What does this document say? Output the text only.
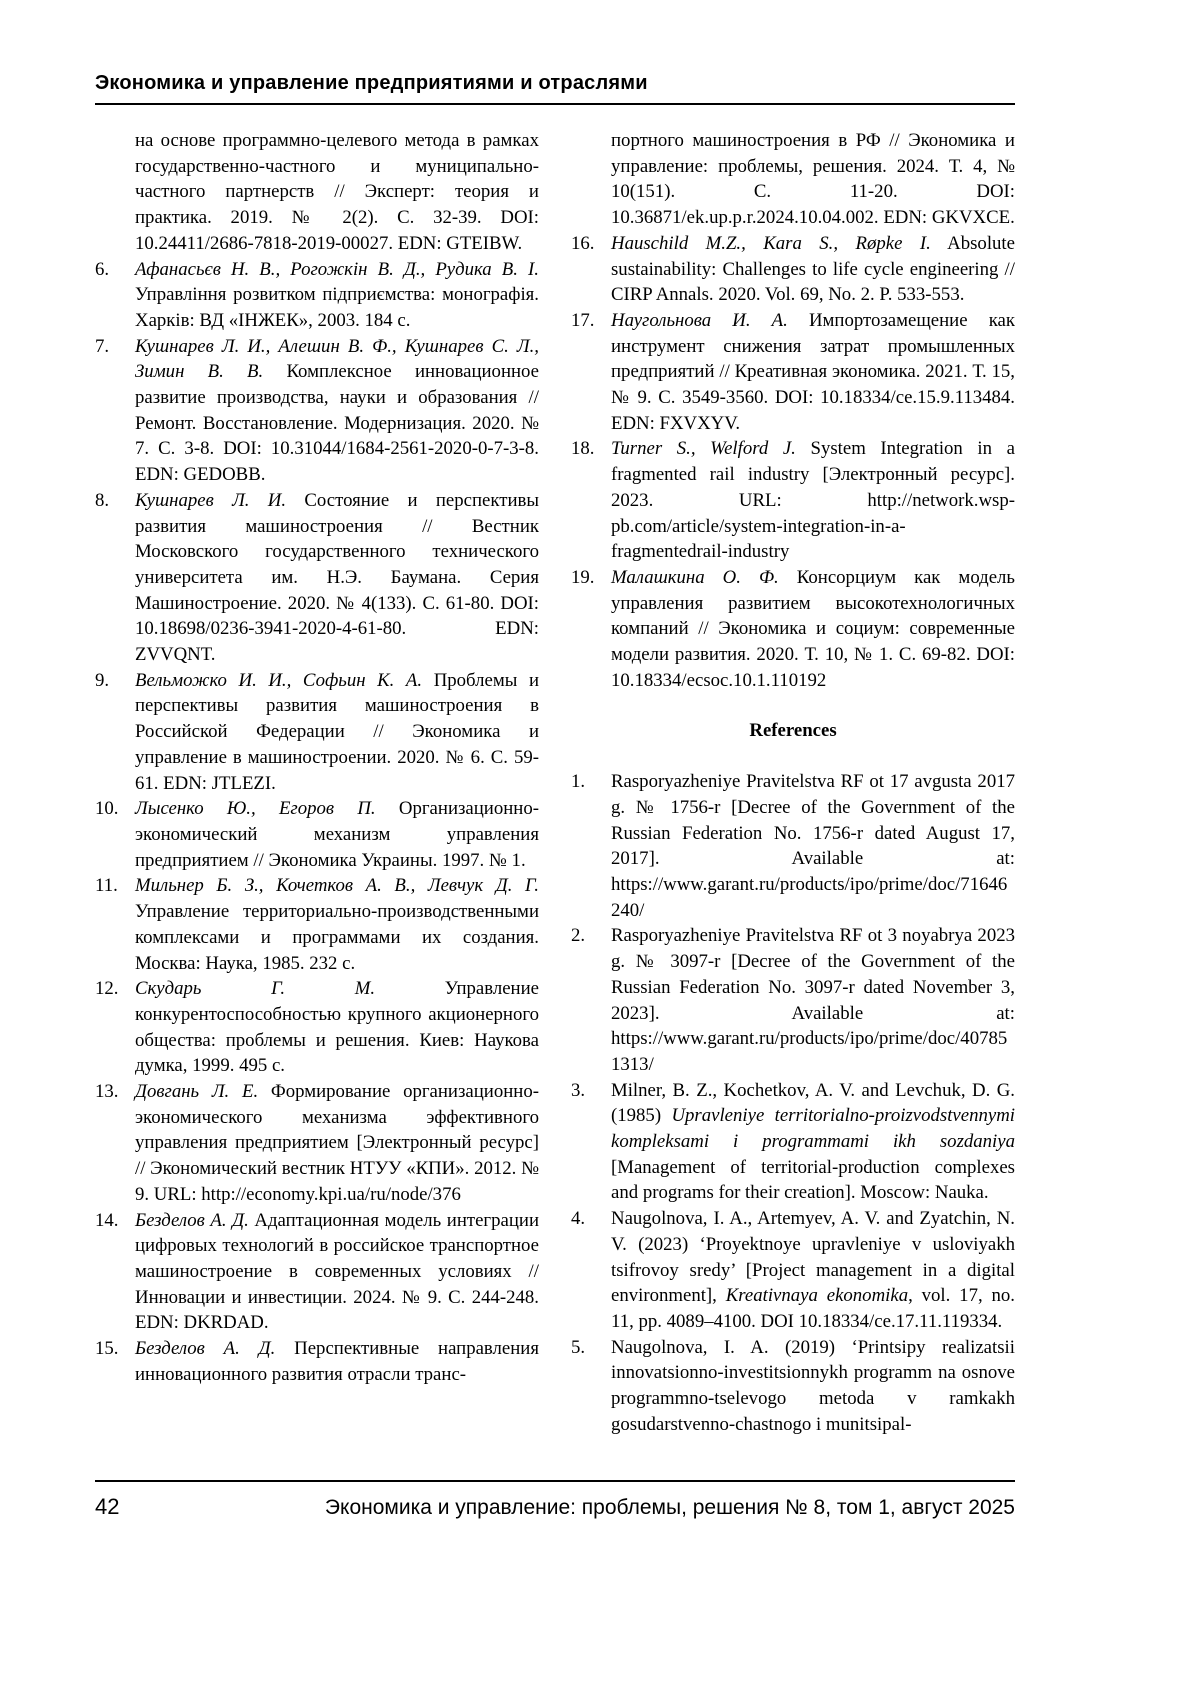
Экономика и управление предприятиями и отраслями
на основе программно-целевого метода в рамках государственно-частного и муниципально-частного партнерств // Эксперт: теория и практика. 2019. № 2(2). С. 32-39. DOI: 10.24411/2686-7818-2019-00027. EDN: GTEIBW.
6. Афанасьєв Н. В., Рогожкін В. Д., Рудика В. І. Управління розвитком підприємства: монографія. Харків: ВД «ІНЖЕК», 2003. 184 с.
7. Кушнарев Л. И., Алешин В. Ф., Кушнарев С. Л., Зимин В. В. Комплексное инновационное развитие производства, науки и образования // Ремонт. Восстановление. Модернизация. 2020. № 7. С. 3-8. DOI: 10.31044/1684-2561-2020-0-7-3-8. EDN: GEDOBB.
8. Кушнарев Л. И. Состояние и перспективы развития машиностроения // Вестник Московского государственного технического университета им. Н.Э. Баумана. Серия Машиностроение. 2020. № 4(133). С. 61-80. DOI: 10.18698/0236-3941-2020-4-61-80. EDN: ZVVQNT.
9. Вельможко И. И., Софьин К. А. Проблемы и перспективы развития машиностроения в Российской Федерации // Экономика и управление в машиностроении. 2020. № 6. С. 59-61. EDN: JTLEZI.
10. Лысенко Ю., Егоров П. Организационно-экономический механизм управления предприятием // Экономика Украины. 1997. № 1.
11. Мильнер Б. З., Кочетков А. В., Левчук Д. Г. Управление территориально-производственными комплексами и программами их создания. Москва: Наука, 1985. 232 с.
12. Скударь Г. М. Управление конкурентоспособностью крупного акционерного общества: проблемы и решения. Киев: Наукова думка, 1999. 495 с.
13. Довгань Л. Е. Формирование организационно-экономического механизма эффективного управления предприятием [Электронный ресурс] // Экономический вестник НТУУ «КПИ». 2012. № 9. URL: http://economy.kpi.ua/ru/node/376
14. Безделов А. Д. Адаптационная модель интеграции цифровых технологий в российское транспортное машиностроение в современных условиях // Инновации и инвестиции. 2024. № 9. С. 244-248. EDN: DKRDAD.
15. Безделов А. Д. Перспективные направления инновационного развития отрасли транс-
портного машиностроения в РФ // Экономика и управление: проблемы, решения. 2024. Т. 4, № 10(151). С. 11-20. DOI: 10.36871/ek.up.p.r.2024.10.04.002. EDN: GKVXCE.
16. Hauschild M.Z., Kara S., Røpke I. Absolute sustainability: Challenges to life cycle engineering // CIRP Annals. 2020. Vol. 69, No. 2. P. 533-553.
17. Наугольнова И. А. Импортозамещение как инструмент снижения затрат промышленных предприятий // Креативная экономика. 2021. Т. 15, № 9. С. 3549-3560. DOI: 10.18334/ce.15.9.113484. EDN: FXVXYV.
18. Turner S., Welford J. System Integration in a fragmented rail industry [Электронный ресурс]. 2023. URL: http://network.wsp-pb.com/article/system-integration-in-a-fragmentedrail-industry
19. Малашкина О. Ф. Консорциум как модель управления развитием высокотехнологичных компаний // Экономика и социум: современные модели развития. 2020. Т. 10, № 1. С. 69-82. DOI: 10.18334/ecsoc.10.1.110192
References
1. Rasporyazheniye Pravitelstva RF ot 17 avgusta 2017 g. № 1756-r [Decree of the Government of the Russian Federation No. 1756-r dated August 17, 2017]. Available at: https://www.garant.ru/products/ipo/prime/doc/71646240/
2. Rasporyazheniye Pravitelstva RF ot 3 noyabrya 2023 g. № 3097-r [Decree of the Government of the Russian Federation No. 3097-r dated November 3, 2023]. Available at: https://www.garant.ru/products/ipo/prime/doc/407851313/
3. Milner, B. Z., Kochetkov, A. V. and Levchuk, D. G. (1985) Upravleniye territorialno-proizvodstvennymi kompleksami i programmami ikh sozdaniya [Management of territorial-production complexes and programs for their creation]. Moscow: Nauka.
4. Naugolnova, I. A., Artemyev, A. V. and Zyatchin, N. V. (2023) ‘Proyektnoye upravleniye v usloviyakh tsifrovoy sredy’ [Project management in a digital environment], Kreativnaya ekonomika, vol. 17, no. 11, pp. 4089–4100. DOI 10.18334/ce.17.11.119334.
5. Naugolnova, I. A. (2019) ‘Printsipy realizatsii innovatsionno-investitsionnykh programm na osnove programmno-tselevogo metoda v ramkakh gosudarstvenno-chastnogo i munitsipal-
42	Экономика и управление: проблемы, решения № 8, том 1, август 2025
